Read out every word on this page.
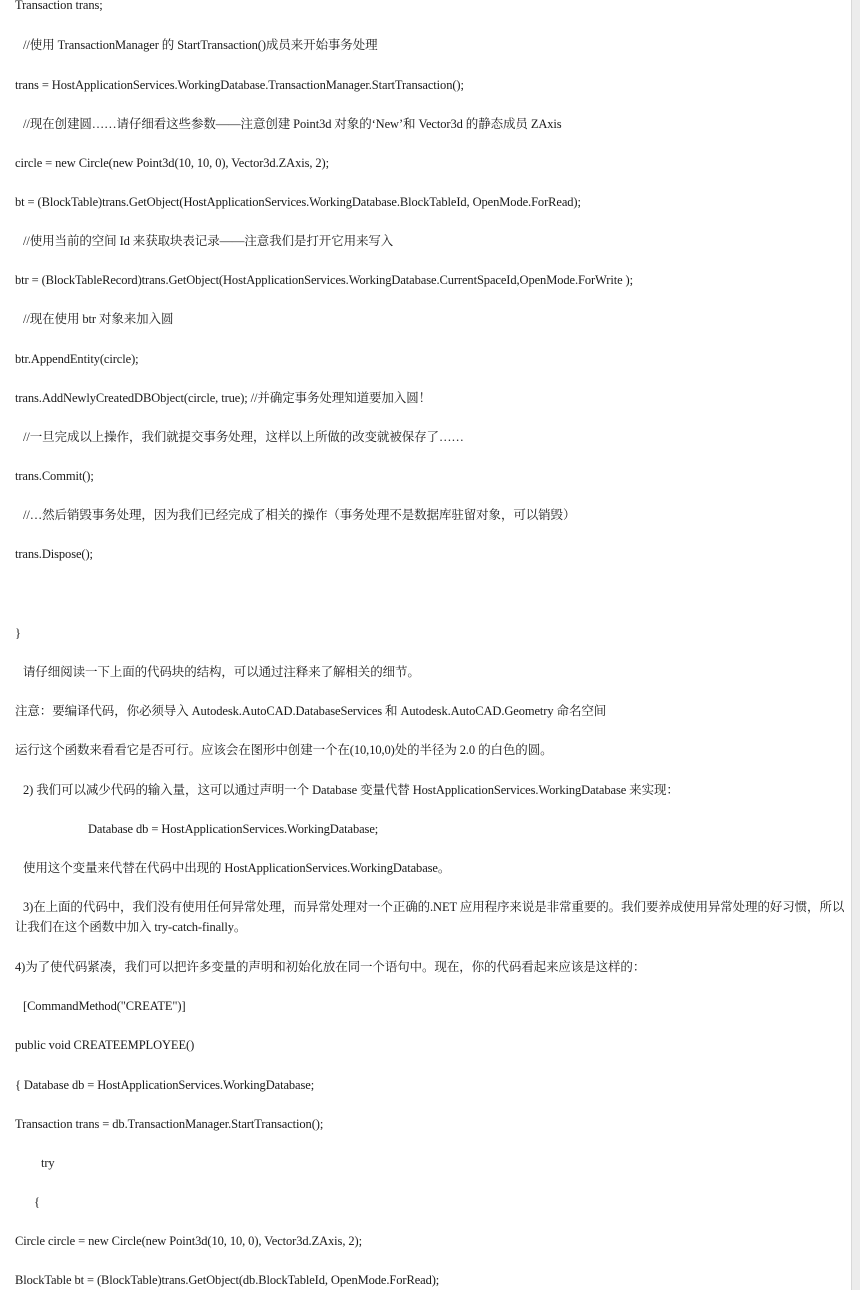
Transaction trans;
//使用 TransactionManager 的 StartTransaction()成员来开始事务处理
trans = HostApplicationServices.WorkingDatabase.TransactionManager.StartTransaction();
//现在创建圆……请仔细看这些参数——注意创建 Point3d 对象的‘New’和 Vector3d 的静态成员 ZAxis
circle = new Circle(new Point3d(10, 10, 0), Vector3d.ZAxis, 2);
bt = (BlockTable)trans.GetObject(HostApplicationServices.WorkingDatabase.BlockTableId, OpenMode.ForRead);
//使用当前的空间 Id 来获取块表记录——注意我们是打开它用来写入
btr = (BlockTableRecord)trans.GetObject(HostApplicationServices.WorkingDatabase.CurrentSpaceId,OpenMode.ForWrite );
//现在使用 btr 对象来加入圆
btr.AppendEntity(circle);
trans.AddNewlyCreatedDBObject(circle, true); //并确定事务处理知道要加入圆！
//一旦完成以上操作，我们就提交事务处理，这样以上所做的改变就被保存了……
trans.Commit();
//…然后销毁事务处理，因为我们已经完成了相关的操作（事务处理不是数据库驻留对象，可以销毁）
trans.Dispose();
}
请仔细阅读一下上面的代码块的结构，可以通过注释来了解相关的细节。
注意：要编译代码，你必须导入 Autodesk.AutoCAD.DatabaseServices 和 Autodesk.AutoCAD.Geometry 命名空间
运行这个函数来看看它是否可行。应该会在图形中创建一个在(10,10,0)处的半径为 2.0 的白色的圆。
2) 我们可以减少代码的输入量，这可以通过声明一个 Database 变量代替 HostApplicationServices.WorkingDatabase 来实现：
Database db = HostApplicationServices.WorkingDatabase;
使用这个变量来代替在代码中出现的 HostApplicationServices.WorkingDatabase。
3)在上面的代码中，我们没有使用任何异常处理，而异常处理对一个正确的.NET 应用程序来说是非常重要的。我们要养成使用异常处理的好习惯，所以让我们在这个函数中加入 try-catch-finally。
4)为了使代码紧凑，我们可以把许多变量的声明和初始化放在同一个语句中。现在，你的代码看起来应该是这样的：
[CommandMethod("CREATE")]
public void CREATEEMPLOYEE()
{ Database db = HostApplicationServices.WorkingDatabase;
Transaction trans = db.TransactionManager.StartTransaction();
try
{
Circle circle = new Circle(new Point3d(10, 10, 0), Vector3d.ZAxis, 2);
BlockTable bt = (BlockTable)trans.GetObject(db.BlockTableId, OpenMode.ForRead);
